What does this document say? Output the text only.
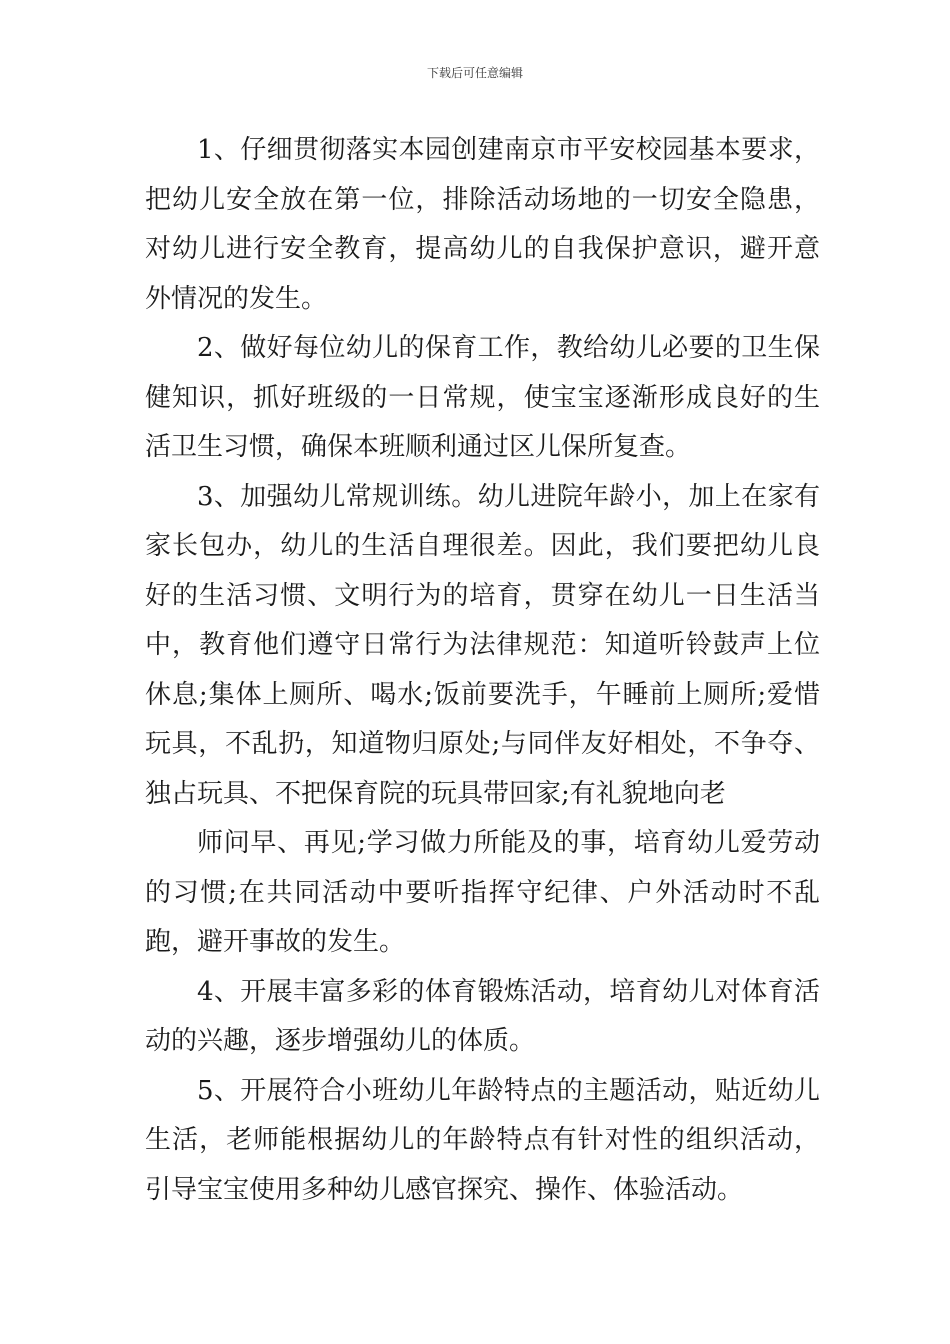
下载后可任意编辑

1、仔细贯彻落实本园创建南京市平安校园基本要求，把幼儿安全放在第一位，排除活动场地的一切安全隐患，对幼儿进行安全教育，提高幼儿的自我保护意识，避开意外情况的发生。

2、做好每位幼儿的保育工作，教给幼儿必要的卫生保健知识，抓好班级的一日常规，使宝宝逐渐形成良好的生活卫生习惯，确保本班顺利通过区儿保所复查。

3、加强幼儿常规训练。幼儿进院年龄小，加上在家有家长包办，幼儿的生活自理很差。因此，我们要把幼儿良好的生活习惯、文明行为的培育，贯穿在幼儿一日生活当中，教育他们遵守日常行为法律规范：知道听铃鼓声上位休息;集体上厕所、喝水;饭前要洗手，午睡前上厕所;爱惜玩具，不乱扔，知道物归原处;与同伴友好相处，不争夺、独占玩具、不把保育院的玩具带回家;有礼貌地向老

师问早、再见;学习做力所能及的事，培育幼儿爱劳动的习惯;在共同活动中要听指挥守纪律、户外活动时不乱跑，避开事故的发生。

4、开展丰富多彩的体育锻炼活动，培育幼儿对体育活动的兴趣，逐步增强幼儿的体质。

5、开展符合小班幼儿年龄特点的主题活动，贴近幼儿生活，老师能根据幼儿的年龄特点有针对性的组织活动，引导宝宝使用多种幼儿感官探究、操作、体验活动。
